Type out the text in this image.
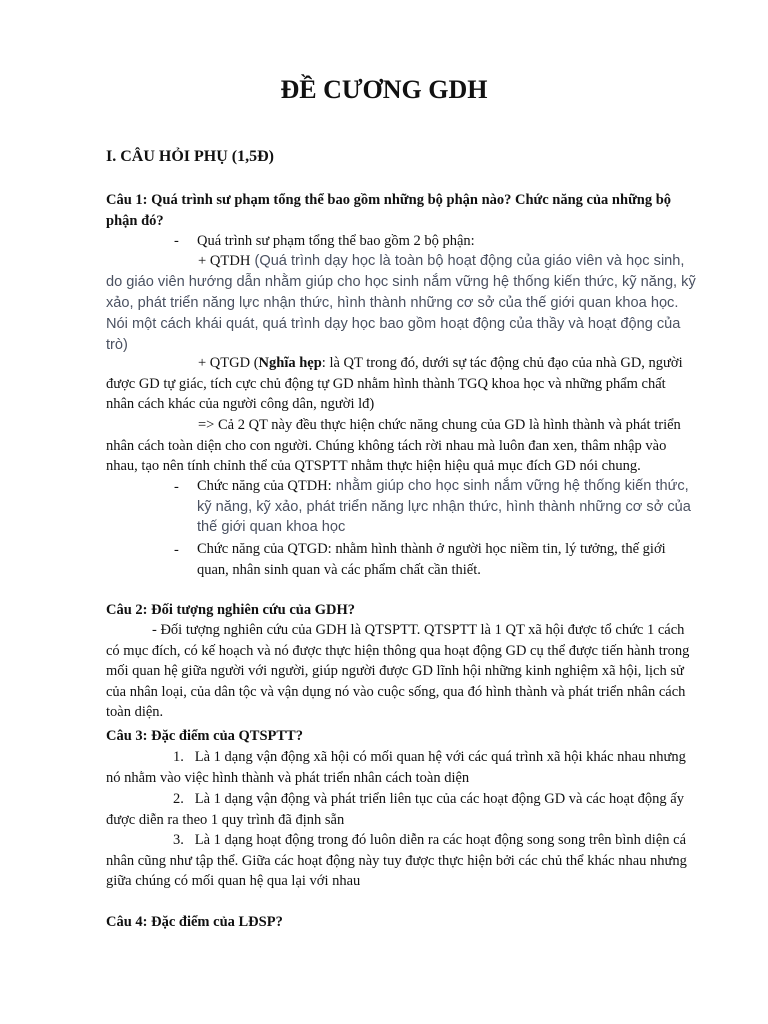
ĐỀ CƯƠNG GDH

I. CÂU HỎI PHỤ (1,5Đ)

Câu 1: Quá trình sư phạm tổng thể bao gồm những bộ phận nào? Chức năng của những bộ phận đó?

- Quá trình sư phạm tổng thể bao gồm 2 bộ phận:

+ QTDH (Quá trình dạy học là toàn bộ hoạt động của giáo viên và học sinh, do giáo viên hướng dẫn nhằm giúp cho học sinh nắm vững hệ thống kiến thức, kỹ năng, kỹ xảo, phát triển năng lực nhận thức, hình thành những cơ sở của thế giới quan khoa học. Nói một cách khái quát, quá trình dạy học bao gồm hoạt động của thầy và hoạt động của trò)

+ QTGD (Nghĩa hẹp: là QT trong đó, dưới sự tác động chủ đạo của nhà GD, người được GD tự giác, tích cực chủ động tự GD nhằm hình thành TGQ khoa học và những phẩm chất nhân cách khác của người công dân, người lđ)

=> Cả 2 QT này đều thực hiện chức năng chung của GD là hình thành và phát triển nhân cách toàn diện cho con người. Chúng không tách rời nhau mà luôn đan xen, thâm nhập vào nhau, tạo nên tính chỉnh thể của QTSPTT nhằm thực hiện hiệu quả mục đích GD nói chung.

- Chức năng của QTDH: nhằm giúp cho học sinh nắm vững hệ thống kiến thức, kỹ năng, kỹ xảo, phát triển năng lực nhận thức, hình thành những cơ sở của thế giới quan khoa học

- Chức năng của QTGD: nhằm hình thành ở người học niềm tin, lý tưởng, thế giới quan, nhân sinh quan và các phẩm chất cần thiết.

Câu 2: Đối tượng nghiên cứu của GDH?

- Đối tượng nghiên cứu của GDH là QTSPTT. QTSPTT là 1 QT xã hội được tổ chức 1 cách có mục đích, có kế hoạch và nó được thực hiện thông qua hoạt động GD cụ thể được tiến hành trong mối quan hệ giữa người với người, giúp người được GD lĩnh hội những kinh nghiệm xã hội, lịch sử của nhân loại, của dân tộc và vận dụng nó vào cuộc sống, qua đó hình thành và phát triển nhân cách toàn diện.

Câu 3: Đặc điểm của QTSPTT?

1. Là 1 dạng vận động xã hội có mối quan hệ với các quá trình xã hội khác nhau nhưng nó nhằm vào việc hình thành và phát triển nhân cách toàn diện

2. Là 1 dạng vận động và phát triển liên tục của các hoạt động GD và các hoạt động ấy được diễn ra theo 1 quy trình đã định sẵn

3. Là 1 dạng hoạt động trong đó luôn diễn ra các hoạt động song song trên bình diện cá nhân cũng như tập thể. Giữa các hoạt động này tuy được thực hiện bởi các chủ thể khác nhau nhưng giữa chúng có mối quan hệ qua lại với nhau

Câu 4: Đặc điểm của LĐSP?
